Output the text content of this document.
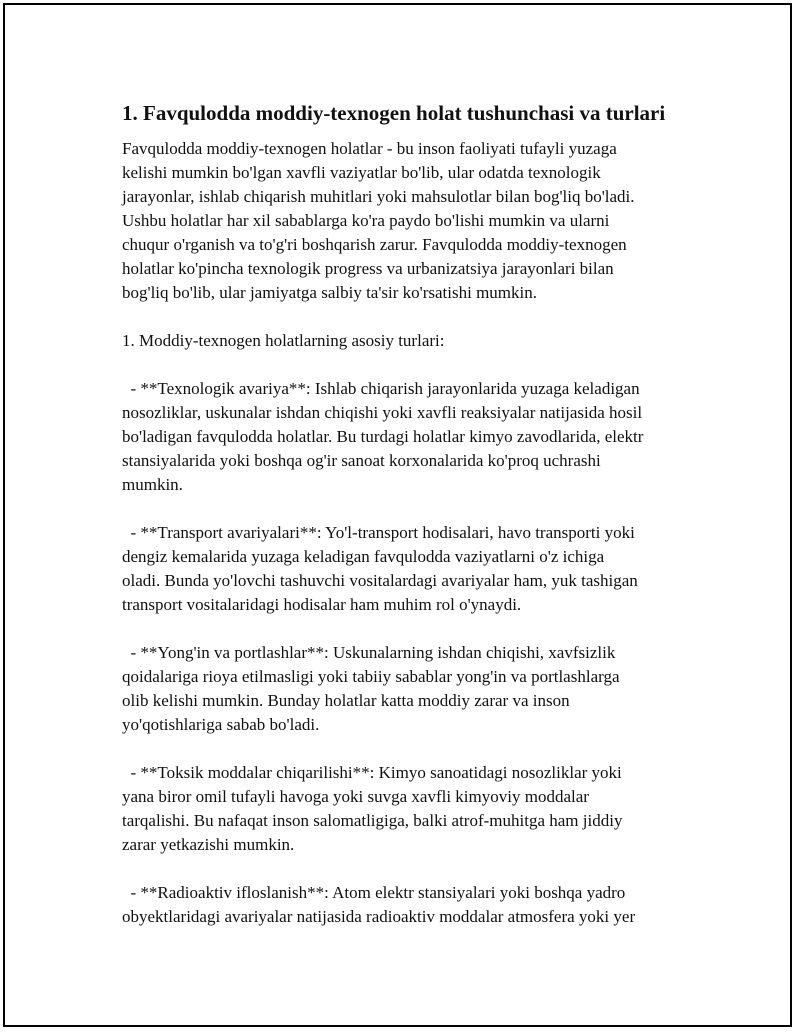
1. Favqulodda moddiy-texnogen holat tushunchasi va turlari
Favqulodda moddiy-texnogen holatlar - bu inson faoliyati tufayli yuzaga
kelishi mumkin bo'lgan xavfli vaziyatlar bo'lib, ular odatda texnologik
jarayonlar, ishlab chiqarish muhitlari yoki mahsulotlar bilan bog'liq bo'ladi.
Ushbu holatlar har xil sabablarga ko'ra paydo bo'lishi mumkin va ularni
chuqur o'rganish va to'g'ri boshqarish zarur. Favqulodda moddiy-texnogen
holatlar ko'pincha texnologik progress va urbanizatsiya jarayonlari bilan
bog'liq bo'lib, ular jamiyatga salbiy ta'sir ko'rsatishi mumkin.
1. Moddiy-texnogen holatlarning asosiy turlari:
- **Texnologik avariya**: Ishlab chiqarish jarayonlarida yuzaga keladigan
nosozliklar, uskunalar ishdan chiqishi yoki xavfli reaksiyalar natijasida hosil
bo'ladigan favqulodda holatlar. Bu turdagi holatlar kimyo zavodlarida, elektr
stansiyalarida yoki boshqa og'ir sanoat korxonalarida ko'proq uchrashi
mumkin.
- **Transport avariyalari**: Yo'l-transport hodisalari, havo transporti yoki
dengiz kemalarida yuzaga keladigan favqulodda vaziyatlarni o'z ichiga
oladi. Bunda yo'lovchi tashuvchi vositalardagi avariyalar ham, yuk tashigan
transport vositalaridagi hodisalar ham muhim rol o'ynaydi.
- **Yong'in va portlashlar**: Uskunalarning ishdan chiqishi, xavfsizlik
qoidalariga rioya etilmasligi yoki tabiiy sabablar yong'in va portlashlarga
olib kelishi mumkin. Bunday holatlar katta moddiy zarar va inson
yo'qotishlariga sabab bo'ladi.
- **Toksik moddalar chiqarilishi**: Kimyo sanoatidagi nosozliklar yoki
yana biror omil tufayli havoga yoki suvga xavfli kimyoviy moddalar
tarqalishi. Bu nafaqat inson salomatligiga, balki atrof-muhitga ham jiddiy
zarar yetkazishi mumkin.
- **Radioaktiv ifloslanish**: Atom elektr stansiyalari yoki boshqa yadro
obyektlaridagi avariyalar natijasida radioaktiv moddalar atmosfera yoki yer
